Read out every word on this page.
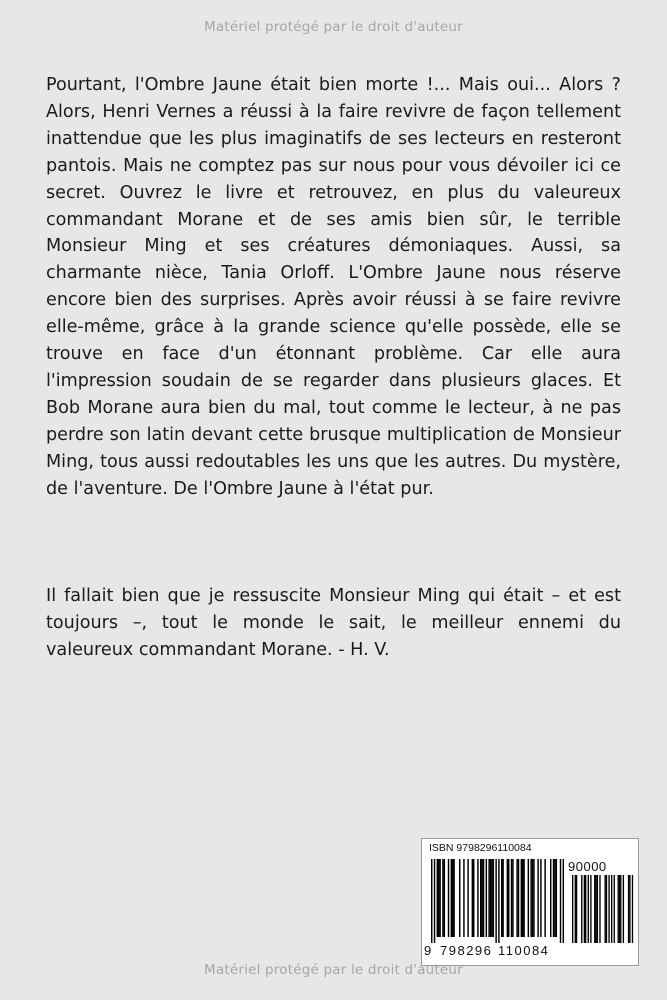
Matériel protégé par le droit d'auteur

Pourtant, l'Ombre Jaune était bien morte !... Mais oui... Alors ? Alors, Henri Vernes a réussi à la faire revivre de façon tellement inattendue que les plus imaginatifs de ses lecteurs en resteront pantois. Mais ne comptez pas sur nous pour vous dévoiler ici ce secret. Ouvrez le livre et retrouvez, en plus du valeureux commandant Morane et de ses amis bien sûr, le terrible Monsieur Ming et ses créatures démoniaques. Aussi, sa charmante nièce, Tania Orloff. L'Ombre Jaune nous réserve encore bien des surprises. Après avoir réussi à se faire revivre elle-même, grâce à la grande science qu'elle possède, elle se trouve en face d'un étonnant problème. Car elle aura l'impression soudain de se regarder dans plusieurs glaces. Et Bob Morane aura bien du mal, tout comme le lecteur, à ne pas perdre son latin devant cette brusque multiplication de Monsieur Ming, tous aussi redoutables les uns que les autres. Du mystère, de l'aventure. De l'Ombre Jaune à l'état pur.

Il fallait bien que je ressuscite Monsieur Ming qui était – et est toujours –, tout le monde le sait, le meilleur ennemi du valeureux commandant Morane. - H. V.

ISBN 9798296110084
90000
9 798296 110084
Matériel protégé par le droit d'auteur
